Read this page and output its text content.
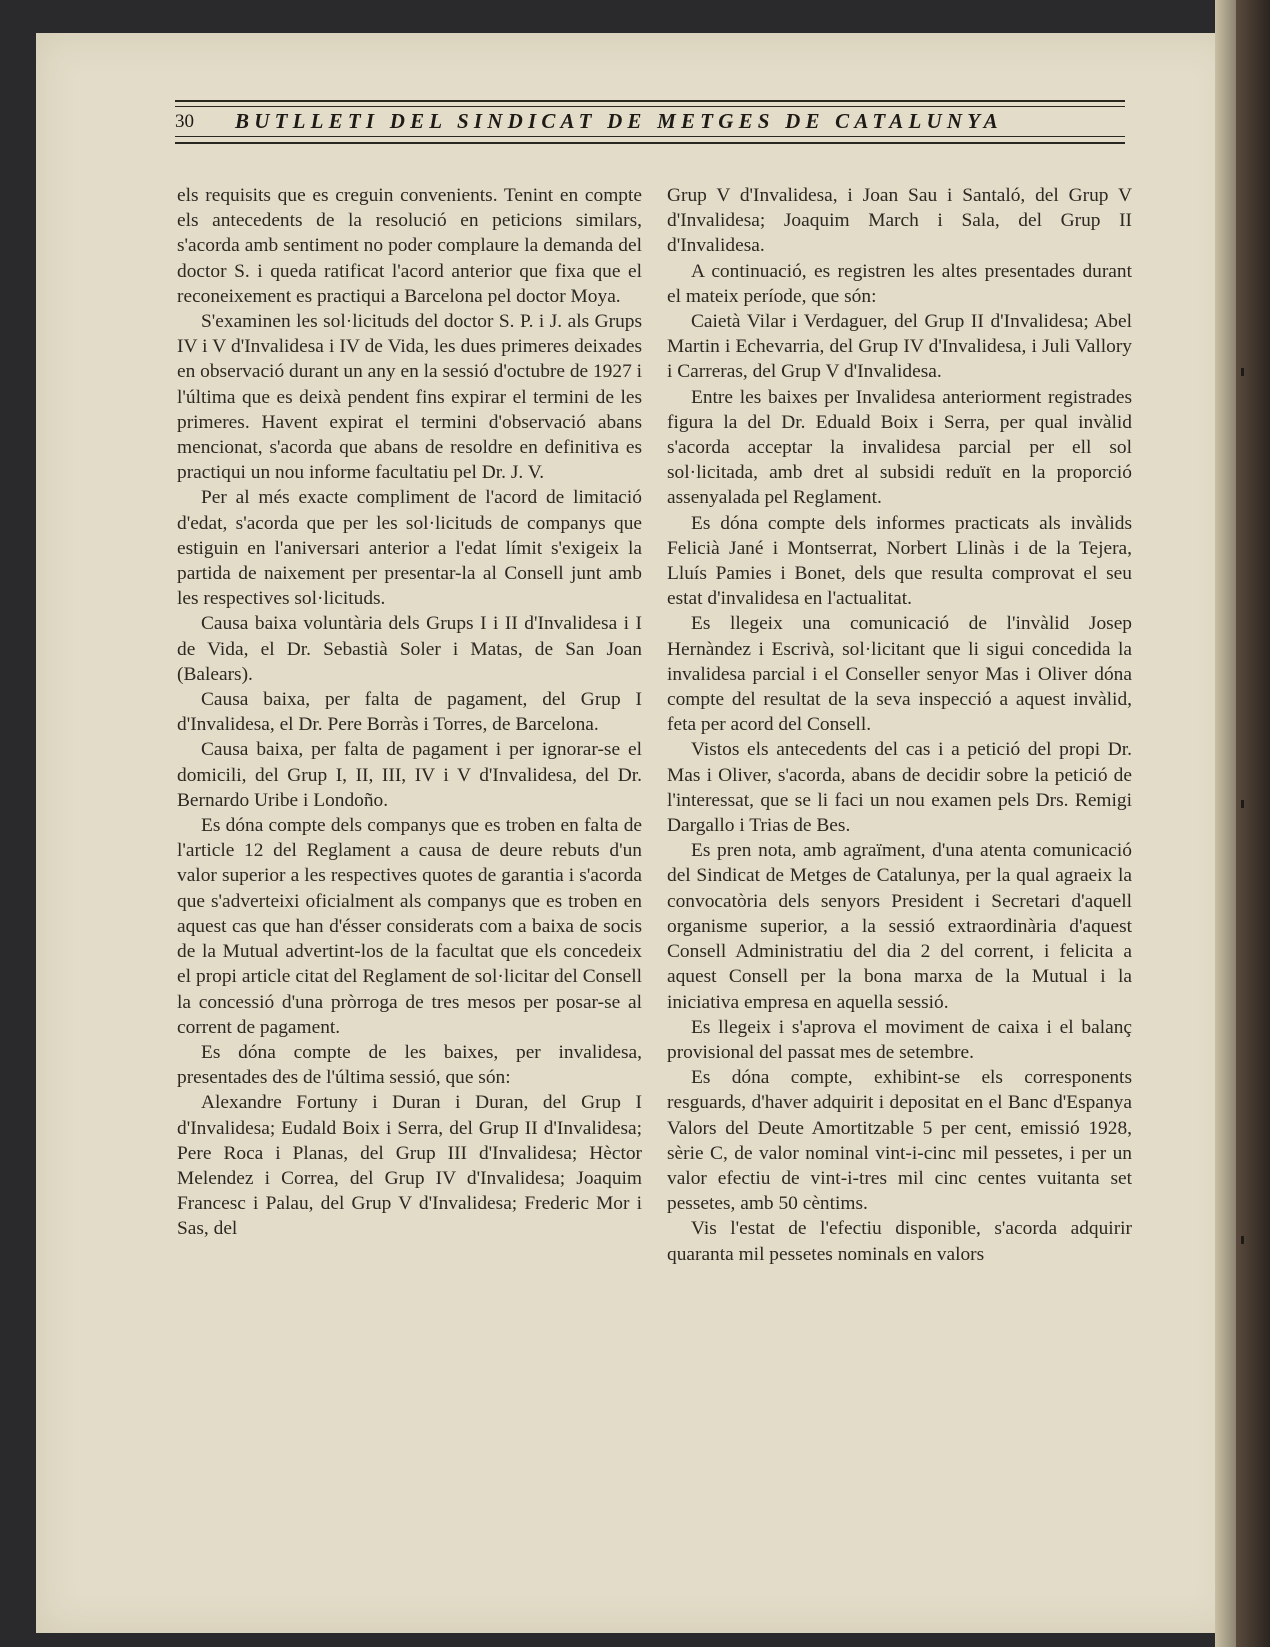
30 BUTLLETI DEL SINDICAT DE METGES DE CATALUNYA

els requisits que es creguin convenients. Tenint en compte els antecedents de la resolució en peticions similars, s'acorda amb sentiment no poder complaure la demanda del doctor S. i queda ratificat l'acord anterior que fixa que el reconeixement es practiqui a Barcelona pel doctor Moya.

S'examinen les sol·licituds del doctor S. P. i J. als Grups IV i V d'Invalidesa i IV de Vida, les dues primeres deixades en observació durant un any en la sessió d'octubre de 1927 i l'última que es deixà pendent fins expirar el termini de les primeres. Havent expirat el termini d'observació abans mencionat, s'acorda que abans de resoldre en definitiva es practiqui un nou informe facultatiu pel Dr. J. V.

Per al més exacte compliment de l'acord de limitació d'edat, s'acorda que per les sol·licituds de companys que estiguin en l'aniversari anterior a l'edat límit s'exigeix la partida de naixement per presentar-la al Consell junt amb les respectives sol·licituds.

Causa baixa voluntària dels Grups I i II d'Invalidesa i I de Vida, el Dr. Sebastià Soler i Matas, de San Joan (Balears).

Causa baixa, per falta de pagament, del Grup I d'Invalidesa, el Dr. Pere Borràs i Torres, de Barcelona.

Causa baixa, per falta de pagament i per ignorar-se el domicili, del Grup I, II, III, IV i V d'Invalidesa, del Dr. Bernardo Uribe i Londoño.

Es dóna compte dels companys que es troben en falta de l'article 12 del Reglament a causa de deure rebuts d'un valor superior a les respectives quotes de garantia i s'acorda que s'adverteixi oficialment als companys que es troben en aquest cas que han d'ésser considerats com a baixa de socis de la Mutual advertint-los de la facultat que els concedeix el propi article citat del Reglament de sol·licitar del Consell la concessió d'una pròrroga de tres mesos per posar-se al corrent de pagament.

Es dóna compte de les baixes, per invalidesa, presentades des de l'última sessió, que són:

Alexandre Fortuny i Duran i Duran, del Grup I d'Invalidesa; Eudald Boix i Serra, del Grup II d'Invalidesa; Pere Roca i Planas, del Grup III d'Invalidesa; Hèctor Melendez i Correa, del Grup IV d'Invalidesa; Joaquim Francesc i Palau, del Grup V d'Invalidesa; Frederic Mor i Sas, del

Grup V d'Invalidesa, i Joan Sau i Santaló, del Grup V d'Invalidesa; Joaquim March i Sala, del Grup II d'Invalidesa.

A continuació, es registren les altes presentades durant el mateix període, que són:

Caietà Vilar i Verdaguer, del Grup II d'Invalidesa; Abel Martin i Echevarria, del Grup IV d'Invalidesa, i Juli Vallory i Carreras, del Grup V d'Invalidesa.

Entre les baixes per Invalidesa anteriorment registrades figura la del Dr. Eduald Boix i Serra, per qual invàlid s'acorda acceptar la invalidesa parcial per ell sol sol·licitada, amb dret al subsidi reduït en la proporció assenyalada pel Reglament.

Es dóna compte dels informes practicats als invàlids Felicià Jané i Montserrat, Norbert Llinàs i de la Tejera, Lluís Pamies i Bonet, dels que resulta comprovat el seu estat d'invalidesa en l'actualitat.

Es llegeix una comunicació de l'invàlid Josep Hernàndez i Escrivà, sol·licitant que li sigui concedida la invalidesa parcial i el Conseller senyor Mas i Oliver dóna compte del resultat de la seva inspecció a aquest invàlid, feta per acord del Consell.

Vistos els antecedents del cas i a petició del propi Dr. Mas i Oliver, s'acorda, abans de decidir sobre la petició de l'interessat, que se li faci un nou examen pels Drs. Remigi Dargallo i Trias de Bes.

Es pren nota, amb agraïment, d'una atenta comunicació del Sindicat de Metges de Catalunya, per la qual agraeix la convocatòria dels senyors President i Secretari d'aquell organisme superior, a la sessió extraordinària d'aquest Consell Administratiu del dia 2 del corrent, i felicita a aquest Consell per la bona marxa de la Mutual i la iniciativa empresa en aquella sessió.

Es llegeix i s'aprova el moviment de caixa i el balanç provisional del passat mes de setembre.

Es dóna compte, exhibint-se els corresponents resguards, d'haver adquirit i depositat en el Banc d'Espanya Valors del Deute Amortitzable 5 per cent, emissió 1928, sèrie C, de valor nominal vint-i-cinc mil pessetes, i per un valor efectiu de vint-i-tres mil cinc centes vuitanta set pessetes, amb 50 cèntims.

Vis l'estat de l'efectiu disponible, s'acorda adquirir quaranta mil pessetes nominals en valors
